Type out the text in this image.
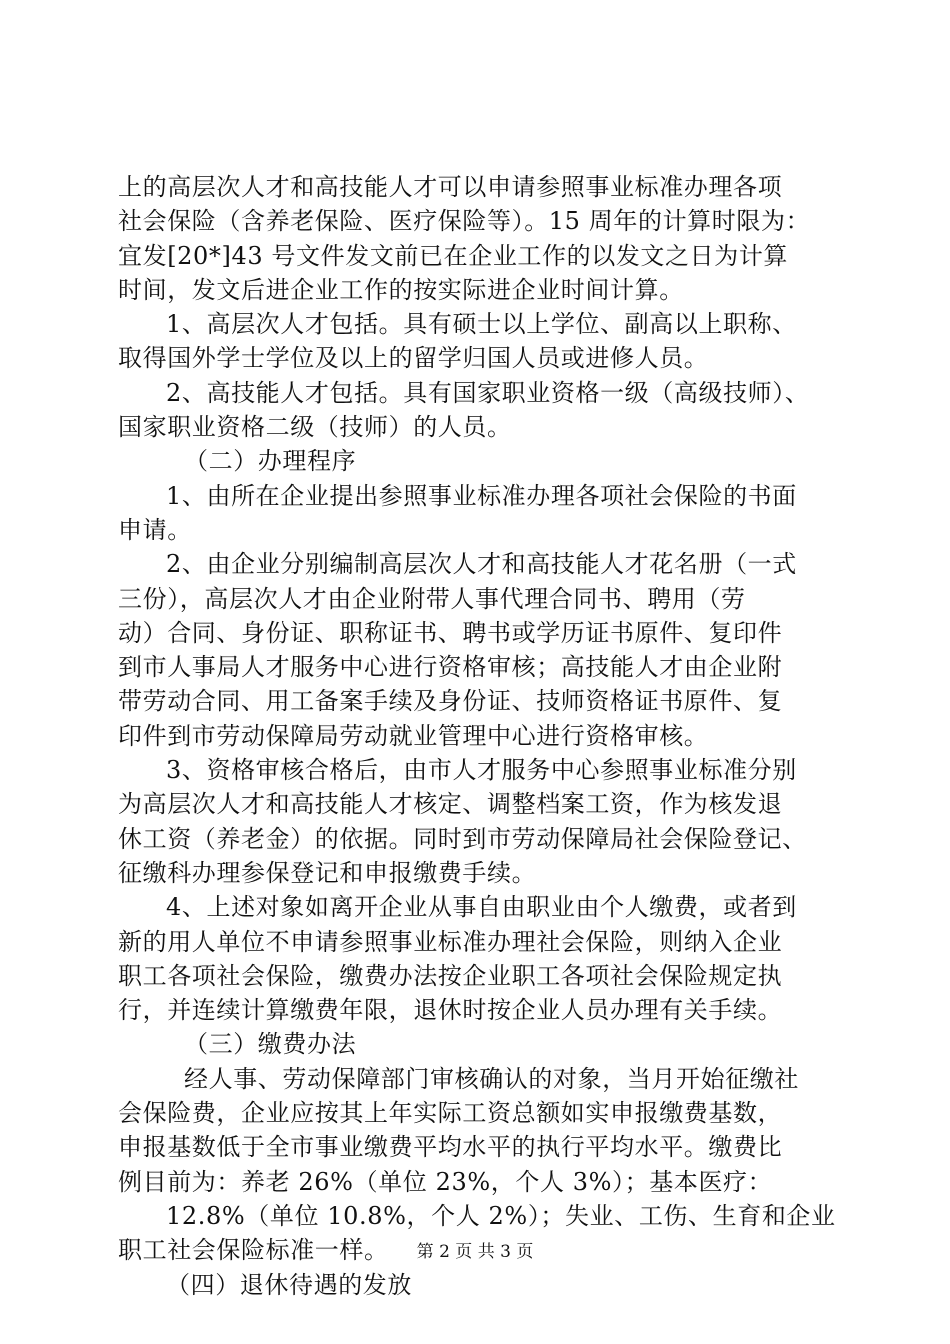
上的高层次人才和高技能人才可以申请参照事业标准办理各项
社会保险（含养老保险、医疗保险等）。15 周年的计算时限为：
宜发[20*]43 号文件发文前已在企业工作的以发文之日为计算
时间，发文后进企业工作的按实际进企业时间计算。
1、高层次人才包括。具有硕士以上学位、副高以上职称、
取得国外学士学位及以上的留学归国人员或进修人员。
2、高技能人才包括。具有国家职业资格一级（高级技师）、
国家职业资格二级（技师）的人员。
（二）办理程序
1、由所在企业提出参照事业标准办理各项社会保险的书面
申请。
2、由企业分别编制高层次人才和高技能人才花名册（一式
三份），高层次人才由企业附带人事代理合同书、聘用（劳
动）合同、身份证、职称证书、聘书或学历证书原件、复印件
到市人事局人才服务中心进行资格审核；高技能人才由企业附
带劳动合同、用工备案手续及身份证、技师资格证书原件、复
印件到市劳动保障局劳动就业管理中心进行资格审核。
3、资格审核合格后，由市人才服务中心参照事业标准分别
为高层次人才和高技能人才核定、调整档案工资，作为核发退
休工资（养老金）的依据。同时到市劳动保障局社会保险登记、
征缴科办理参保登记和申报缴费手续。
4、上述对象如离开企业从事自由职业由个人缴费，或者到
新的用人单位不申请参照事业标准办理社会保险，则纳入企业
职工各项社会保险，缴费办法按企业职工各项社会保险规定执
行，并连续计算缴费年限，退休时按企业人员办理有关手续。
（三）缴费办法
经人事、劳动保障部门审核确认的对象，当月开始征缴社
会保险费，企业应按其上年实际工资总额如实申报缴费基数，
申报基数低于全市事业缴费平均水平的执行平均水平。缴费比
例目前为：养老 26%（单位 23%，个人 3%）；基本医疗：
12.8%（单位 10.8%，个人 2%）；失业、工伤、生育和企业
职工社会保险标准一样。
（四）退休待遇的发放
第 2 页 共 3 页
